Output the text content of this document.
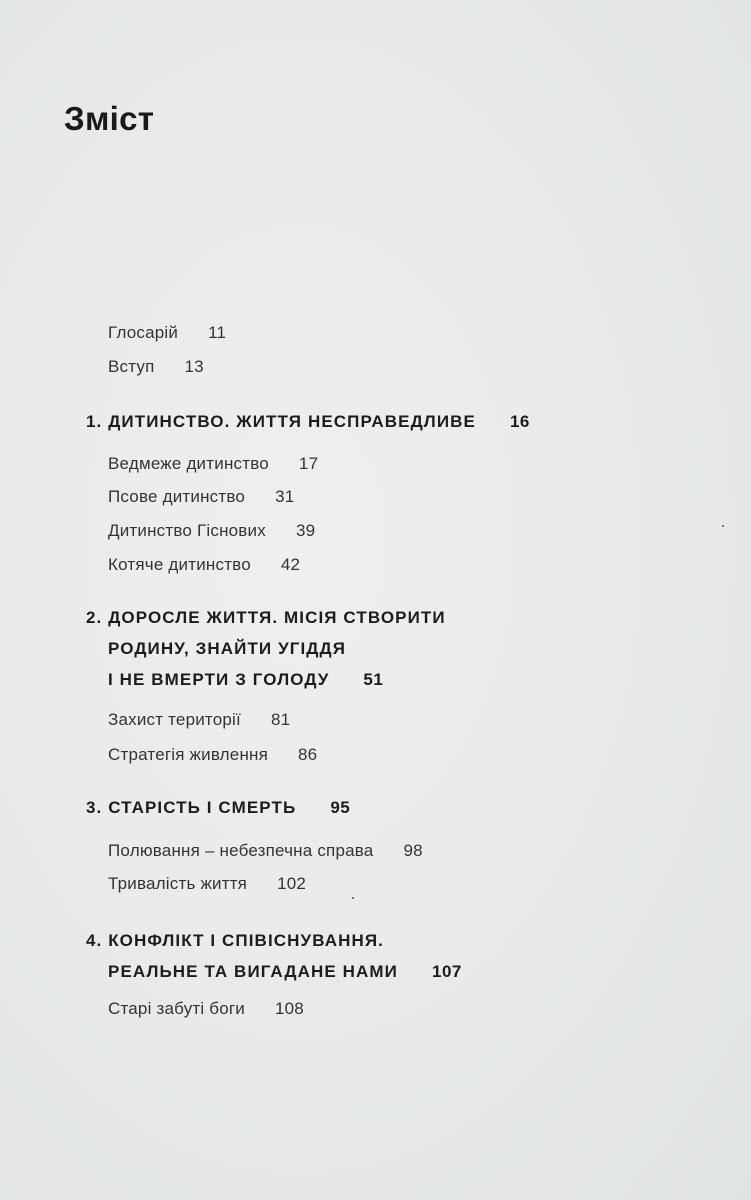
Зміст
Глосарій 11
Вступ 13
1. ДИТИНСТВО. ЖИТТЯ НЕСПРАВЕДЛИВЕ 16
Ведмеже дитинство 17
Псове дитинство 31
Дитинство Гіснових 39
Котяче дитинство 42
2. ДОРОСЛЕ ЖИТТЯ. МІСІЯ СТВОРИТИ
РОДИНУ, ЗНАЙТИ УГІДДЯ
І НЕ ВМЕРТИ З ГОЛОДУ 51
Захист території 81
Стратегія живлення 86
3. СТАРІСТЬ І СМЕРТЬ 95
Полювання – небезпечна справа 98
Тривалість життя 102
4. КОНФЛІКТ І СПІВІСНУВАННЯ.
РЕАЛЬНЕ ТА ВИГАДАНЕ НАМИ 107
Старі забуті боги 108
